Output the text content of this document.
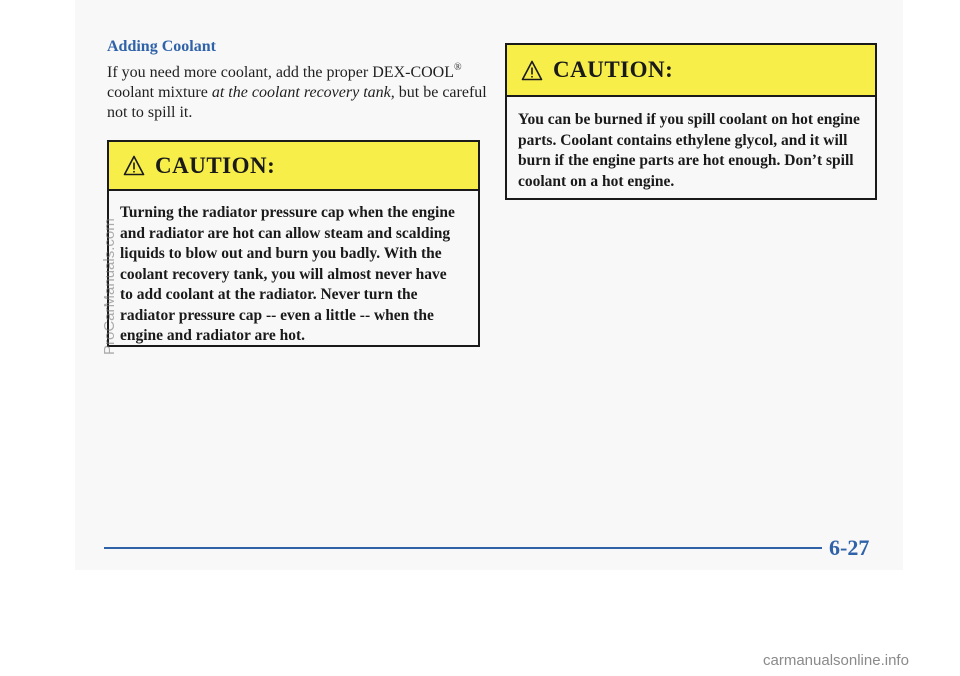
Adding Coolant

If you need more coolant, add the proper DEX-COOL® coolant mixture at the coolant recovery tank, but be careful not to spill it.

CAUTION:

Turning the radiator pressure cap when the engine and radiator are hot can allow steam and scalding liquids to blow out and burn you badly. With the coolant recovery tank, you will almost never have to add coolant at the radiator. Never turn the radiator pressure cap -- even a little -- when the engine and radiator are hot.

CAUTION:

You can be burned if you spill coolant on hot engine parts. Coolant contains ethylene glycol, and it will burn if the engine parts are hot enough. Don’t spill coolant on a hot engine.

6-27

ProCarManuals.com

carmanualsonline.info
